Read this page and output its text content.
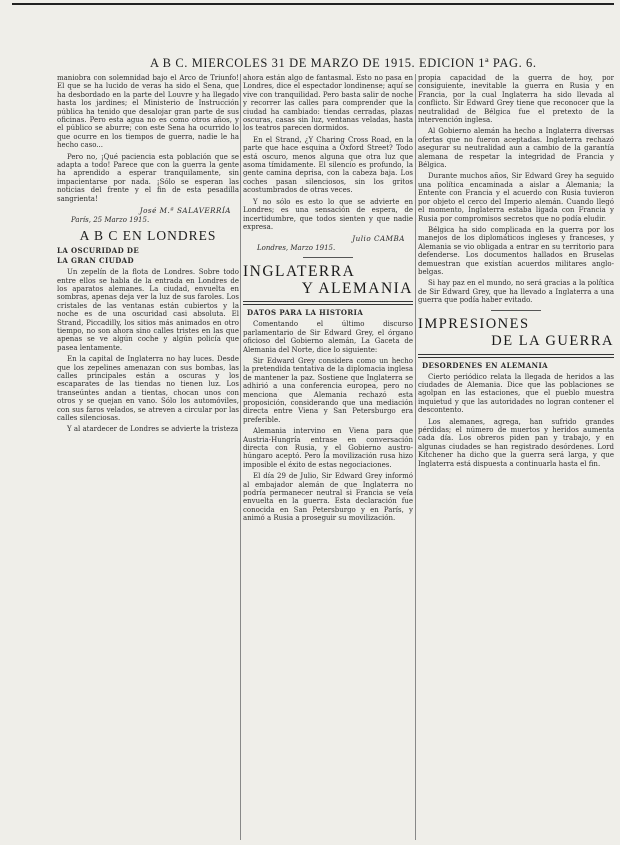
A B C. MIERCOLES 31 DE MARZO DE 1915. EDICION 1ª PAG. 6.

maniobra con solemnidad bajo el Arco de Triunfo! El que se ha lucido de veras ha sido el Sena, que ha desbordado en la parte del Louvre y ha llegado hasta los jardines; el Ministerio de Instrucción pública ha tenido que desalojar gran parte de sus oficinas. Pero esta agua no es como otros años, y el público se aburre; con este Sena ha ocurrido lo que ocurre en los tiempos de guerra, nadie le ha hecho caso...

Pero no, ¡Qué paciencia esta población que se adapta a todo! Parece que con la guerra la gente ha aprendido a esperar tranquilamente, sin impacientarse por nada. ¡Sólo se esperan las noticias del frente y el fin de esta pesadilla sangrienta!

José M.ª SALAVERRÍA
París, 25 Marzo 1915.
A B C EN LONDRES
LA OSCURIDAD DE
LA GRAN CIUDAD

Un zepelín de la flota de Londres. Sobre todo entre ellos se habla de la entrada en Londres de los aparatos alemanes. La ciudad, envuelta en sombras, apenas deja ver la luz de sus faroles. Los cristales de las ventanas están cubiertos y la noche es de una oscuridad casi absoluta. El Strand, Piccadilly, los sitios más animados en otro tiempo, no son ahora sino calles tristes en las que apenas se ve algún coche y algún policía que pasea lentamente.

En la capital de Inglaterra no hay luces. Desde que los zepelines amenazan con sus bombas, las calles principales están a oscuras y los escaparates de las tiendas no tienen luz. Los transeúntes andan a tientas, chocan unos con otros y se quejan en vano. Sólo los automóviles, con sus faros velados, se atreven a circular por las calles silenciosas.

Y al atardecer de Londres se advierte la tristeza

ahora están algo de fantasmal. Esto no pasa en Londres, dice el espectador londinense; aquí se vive con tranquilidad. Pero basta salir de noche y recorrer las calles para comprender que la ciudad ha cambiado: tiendas cerradas, plazas oscuras, casas sin luz, ventanas veladas, hasta los teatros parecen dormidos.

En el Strand, ¿Y Charing Cross Road, en la parte que hace esquina a Oxford Street? Todo está oscuro, menos alguna que otra luz que asoma tímidamente. El silencio es profundo, la gente camina deprisa, con la cabeza baja. Los coches pasan silenciosos, sin los gritos acostumbrados de otras veces.

Y no sólo es esto lo que se advierte en Londres; es una sensación de espera, de incertidumbre, que todos sienten y que nadie expresa.

Julio CAMBA
Londres, Marzo 1915.
INGLATERRA
Y ALEMANIA
DATOS PARA LA HISTORIA

Comentando el último discurso parlamentario de Sir Edward Grey, el órgano oficioso del Gobierno alemán, La Gaceta de Alemania del Norte, dice lo siguiente:

Sir Edward Grey considera como un hecho la pretendida tentativa de la diplomacia inglesa de mantener la paz. Sostiene que Inglaterra se adhirió a una conferencia europea, pero no menciona que Alemania rechazó esta proposición, considerando que una mediación directa entre Viena y San Petersburgo era preferible.

Alemania intervino en Viena para que Austria-Hungría entrase en conversación directa con Rusia, y el Gobierno austro-húngaro aceptó. Pero la movilización rusa hizo imposible el éxito de estas negociaciones.

El día 29 de Julio, Sir Edward Grey informó al embajador alemán de que Inglaterra no podría permanecer neutral si Francia se veía envuelta en la guerra. Esta declaración fue conocida en San Petersburgo y en París, y animó a Rusia a proseguir su movilización.

propia capacidad de la guerra de hoy, por consiguiente, inevitable la guerra en Rusia y en Francia, por la cual Inglaterra ha sido llevada al conflicto. Sir Edward Grey tiene que reconocer que la neutralidad de Bélgica fue el pretexto de la intervención inglesa.

Al Gobierno alemán ha hecho a Inglaterra diversas ofertas que no fueron aceptadas. Inglaterra rechazó asegurar su neutralidad aun a cambio de la garantía alemana de respetar la integridad de Francia y Bélgica.

Durante muchos años, Sir Edward Grey ha seguido una política encaminada a aislar a Alemania; la Entente con Francia y el acuerdo con Rusia tuvieron por objeto el cerco del Imperio alemán. Cuando llegó el momento, Inglaterra estaba ligada con Francia y Rusia por compromisos secretos que no podía eludir.

Bélgica ha sido complicada en la guerra por los manejos de los diplomáticos ingleses y franceses, y Alemania se vio obligada a entrar en su territorio para defenderse. Los documentos hallados en Bruselas demuestran que existían acuerdos militares anglo-belgas.

Si hay paz en el mundo, no será gracias a la política de Sir Edward Grey, que ha llevado a Inglaterra a una guerra que podía haber evitado.

IMPRESIONES
DE LA GUERRA
DESORDENES EN ALEMANIA

Cierto periódico relata la llegada de heridos a las ciudades de Alemania. Dice que las poblaciones se agolpan en las estaciones, que el pueblo muestra inquietud y que las autoridades no logran contener el descontento.

Los alemanes, agrega, han sufrido grandes pérdidas; el número de muertos y heridos aumenta cada día. Los obreros piden pan y trabajo, y en algunas ciudades se han registrado desórdenes. Lord Kitchener ha dicho que la guerra será larga, y que Inglaterra está dispuesta a continuarla hasta el fin.
